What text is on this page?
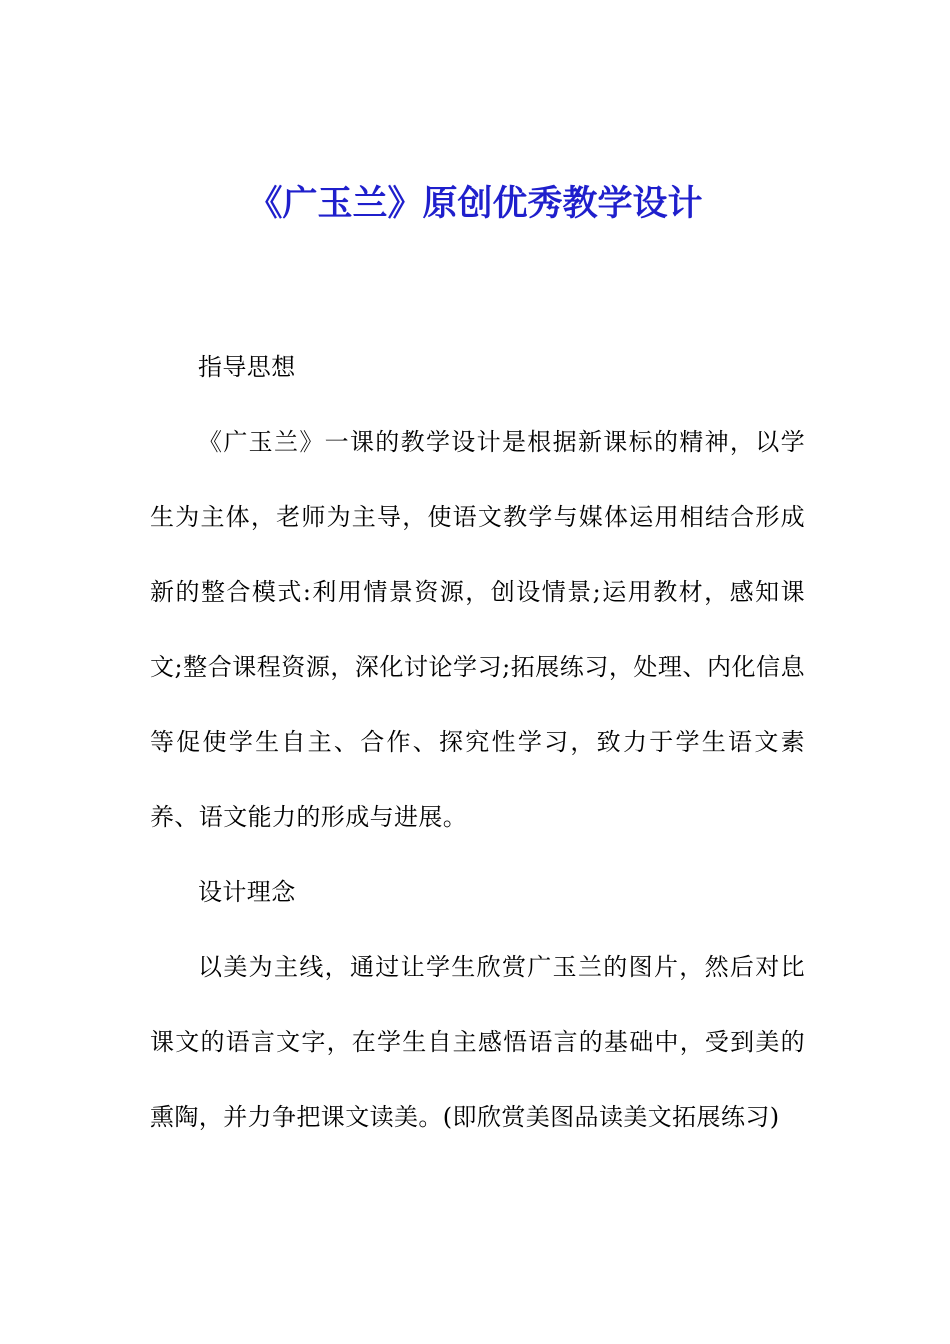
《广玉兰》原创优秀教学设计

指导思想

《广玉兰》一课的教学设计是根据新课标的精神，以学生为主体，老师为主导，使语文教学与媒体运用相结合形成新的整合模式:利用情景资源，创设情景;运用教材，感知课文;整合课程资源，深化讨论学习;拓展练习，处理、内化信息等促使学生自主、合作、探究性学习，致力于学生语文素养、语文能力的形成与进展。

设计理念

以美为主线，通过让学生欣赏广玉兰的图片，然后对比课文的语言文字，在学生自主感悟语言的基础中，受到美的熏陶，并力争把课文读美。(即欣赏美图品读美文拓展练习)
